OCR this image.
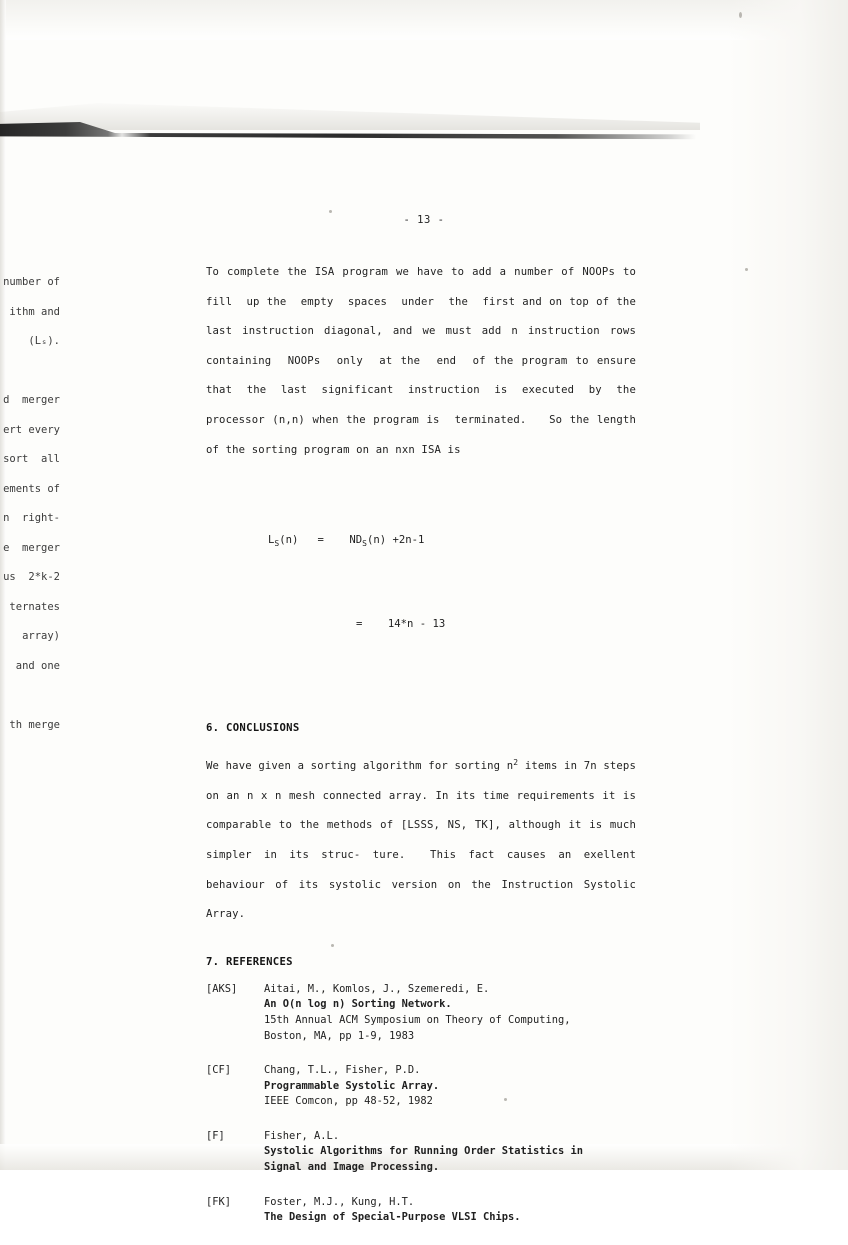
number of
ithm and
(Lₛ).

d  merger
ert every
sort  all
ements of
n  right-
e  merger
us  2*k-2
ternates
array)
and one

th merge
- 13 -
To complete the ISA program we have to add a number of NOOPs to fill  up the  empty  spaces  under  the  first and on top of the last instruction diagonal, and we must add n instruction rows containing  NOOPs  only  at the  end  of the program to ensure that the last significant instruction is executed by the processor (n,n) when the program is  terminated.   So the length of the sorting program on an nxn ISA is

$L_S(n)$   =    $ND_S(n) +2n-1$

=    14*n - 13

6. CONCLUSIONS
We have given a sorting algorithm for sorting $n^2$ items in 7n steps on an n x n mesh connected array. In its time requirements it is comparable to the methods of [LSSS, NS, TK], although it is much simpler in its struc- ture.  This fact causes an exellent behaviour of its systolic version on the Instruction Systolic Array.
7. REFERENCES
[AKS]	Aitai, M., Komlos, J., Szemeredi, E.
An O(n log n) Sorting Network.
15th Annual ACM Symposium on Theory of Computing,
Boston, MA, pp 1-9, 1983
[CF]	Chang, T.L., Fisher, P.D.
Programmable Systolic Array.
IEEE Comcon, pp 48-52, 1982
[F]	Fisher, A.L.
Systolic Algorithms for Running Order Statistics in
Signal and Image Processing.
[FK]	Foster, M.J., Kung, H.T.
The Design of Special-Purpose VLSI Chips.
